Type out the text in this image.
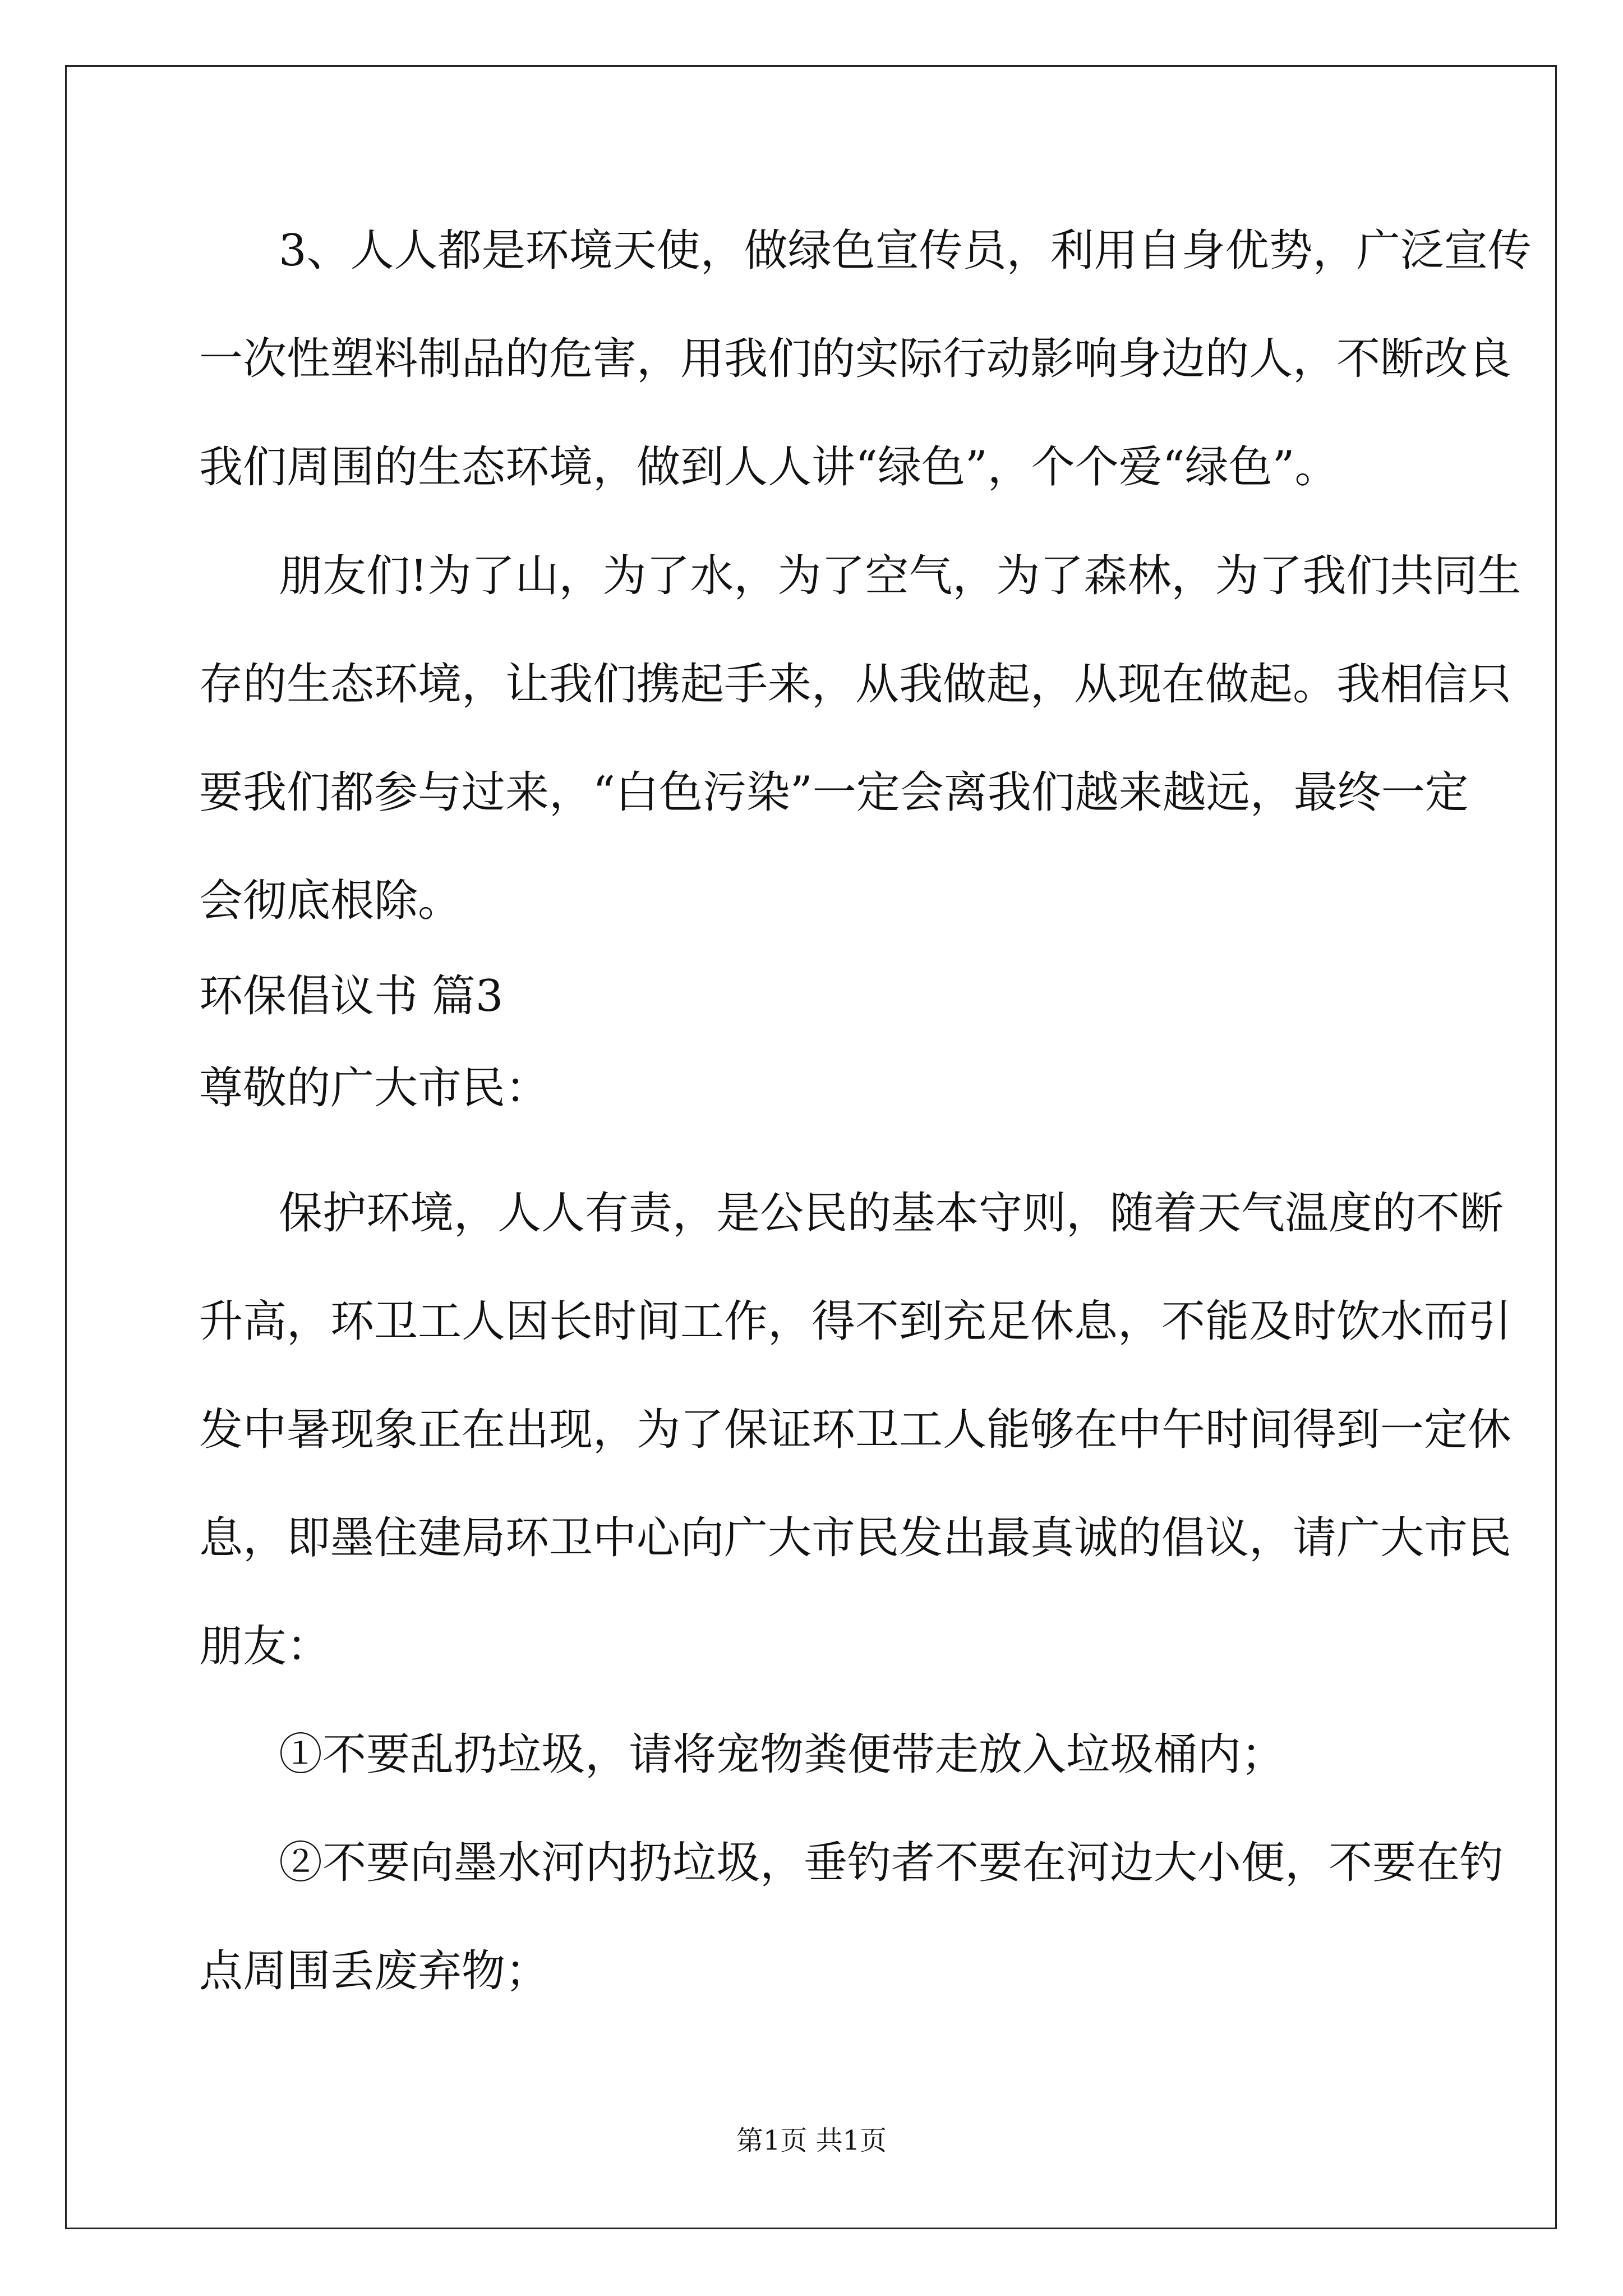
3、人人都是环境天使，做绿色宣传员，利用自身优势，广泛宣传
一次性塑料制品的危害，用我们的实际行动影响身边的人，不断改良
我们周围的生态环境，做到人人讲“绿色”，个个爱“绿色”。
朋友们!为了山，为了水，为了空气，为了森林，为了我们共同生
存的生态环境，让我们携起手来，从我做起，从现在做起。我相信只
要我们都参与过来，“白色污染”一定会离我们越来越远，最终一定
会彻底根除。
环保倡议书 篇3
尊敬的广大市民：
保护环境，人人有责，是公民的基本守则，随着天气温度的不断
升高，环卫工人因长时间工作，得不到充足休息，不能及时饮水而引
发中暑现象正在出现，为了保证环卫工人能够在中午时间得到一定休
息，即墨住建局环卫中心向广大市民发出最真诚的倡议，请广大市民
朋友：
①不要乱扔垃圾，请将宠物粪便带走放入垃圾桶内；
②不要向墨水河内扔垃圾，垂钓者不要在河边大小便，不要在钓
点周围丢废弃物；
第1页 共1页
